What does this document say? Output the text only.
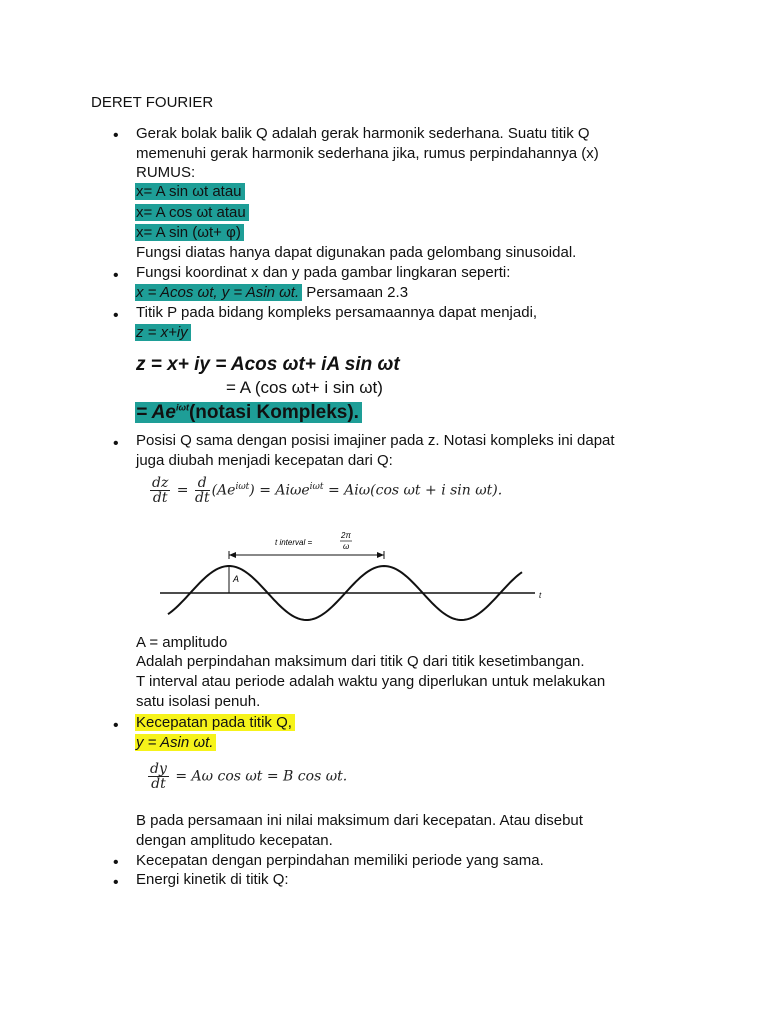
DERET FOURIER
• Gerak bolak balik Q adalah gerak harmonik sederhana. Suatu titik Q
memenuhi gerak harmonik sederhana jika, rumus perpindahannya (x)
RUMUS:
x= A sin ωt atau
x= A cos ωt atau
x= A sin (ωt+ φ)
Fungsi diatas hanya dapat digunakan pada gelombang sinusoidal.
• Fungsi koordinat x dan y pada gambar lingkaran seperti:
x = Acos ωt, y = Asin ωt. Persamaan 2.3
• Titik P pada bidang kompleks persamaannya dapat menjadi,
z = x+iy
z = x+ iy = Acos ωt+ iA sin ωt
= A (cos ωt+ i sin ωt)
= $Ae^{i\omega t}(notasi$ Kompleks).
• Posisi Q sama dengan posisi imajiner pada z. Notasi kompleks ini dapat
juga diubah menjadi kecepatan dari Q:
$\frac{dz}{dt} = \frac{d}{dt} (Ae^{i\omega t}) = Ai\omega e^{i\omega t} = Ai\omega(\cos$ ωt + i sin ωt).
t interval =
2π
ω
A
t
A = amplitudo
Adalah perpindahan maksimum dari titik Q dari titik kesetimbangan.
T interval atau periode adalah waktu yang diperlukan untuk melakukan
satu isolasi penuh.
• Kecepatan pada titik Q,
y = Asin ωt.
$\frac{dy}{dt} = A\omega$ cos ωt = B cos ωt.
B pada persamaan ini nilai maksimum dari kecepatan. Atau disebut
dengan amplitudo kecepatan.
• Kecepatan dengan perpindahan memiliki periode yang sama.
• Energi kinetik di titik Q:
